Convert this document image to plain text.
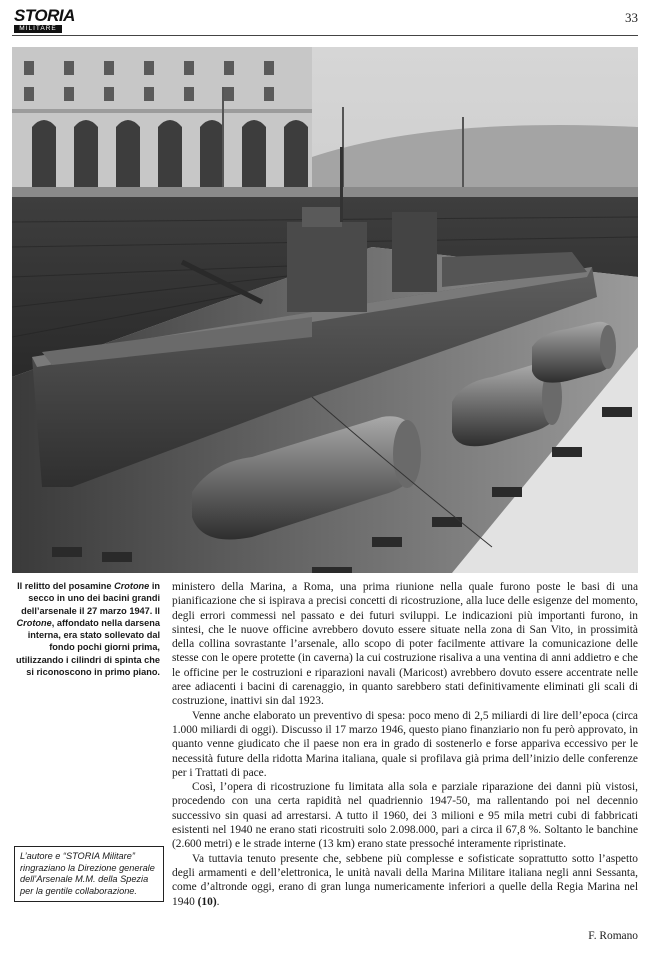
STORIA
MILITARE
33

Il relitto del posamine Crotone in secco in uno dei bacini grandi dell’arsenale il 27 marzo 1947. Il Crotone, affondato nella darsena interna, era stato sollevato dal fondo pochi giorni prima, utilizzando i cilindri di spinta che si riconoscono in primo piano.

L’autore e “STORIA Militare” ringraziano la Direzione generale dell’Arsenale M.M. della Spezia per la gentile collaborazione.

ministero della Marina, a Roma, una prima riunione nella quale furono poste le basi di una pianificazione che si ispirava a precisi concetti di ricostruzione, alla luce delle esigenze del momento, degli errori commessi nel passato e dei futuri sviluppi. Le indicazioni più importanti furono, in sintesi, che le nuove officine avrebbero dovuto essere situate nella zona di San Vito, in prossimità della collina sovrastante l’arsenale, allo scopo di poter facilmente attivare la comunicazione delle stesse con le opere protette (in caverna) la cui costruzione risaliva a una ventina di anni addietro e che le officine per le costruzioni e riparazioni navali (Maricost) avrebbero dovuto essere accentrate nelle aree adiacenti i bacini di carenaggio, in quanto sarebbero stati definitivamente eliminati gli scali di costruzione, inattivi sin dal 1923.

Venne anche elaborato un preventivo di spesa: poco meno di 2,5 miliardi di lire dell’epoca (circa 1.000 miliardi di oggi). Discusso il 17 marzo 1946, questo piano finanziario non fu però approvato, in quanto venne giudicato che il paese non era in grado di sostenerlo e forse appariva eccessivo per le necessità future della ridotta Marina italiana, quale si profilava già prima dell’inizio delle conferenze per i Trattati di pace.

Così, l’opera di ricostruzione fu limitata alla sola e parziale riparazione dei danni più vistosi, procedendo con una certa rapidità nel quadriennio 1947-50, ma rallentando poi nel decennio successivo sin quasi ad arrestarsi. A tutto il 1960, dei 3 milioni e 95 mila metri cubi di fabbricati esistenti nel 1940 ne erano stati ricostruiti solo 2.098.000, pari a circa il 67,8 %. Soltanto le banchine (2.600 metri) e le strade interne (13 km) erano state pressoché interamente ripristinate.

Va tuttavia tenuto presente che, sebbene più complesse e sofisticate soprattutto sotto l’aspetto degli armamenti e dell’elettronica, le unità navali della Marina Militare italiana negli anni Sessanta, come d’altronde oggi, erano di gran lunga numericamente inferiori a quelle della Regia Marina nel 1940 (10).

F. Romano
